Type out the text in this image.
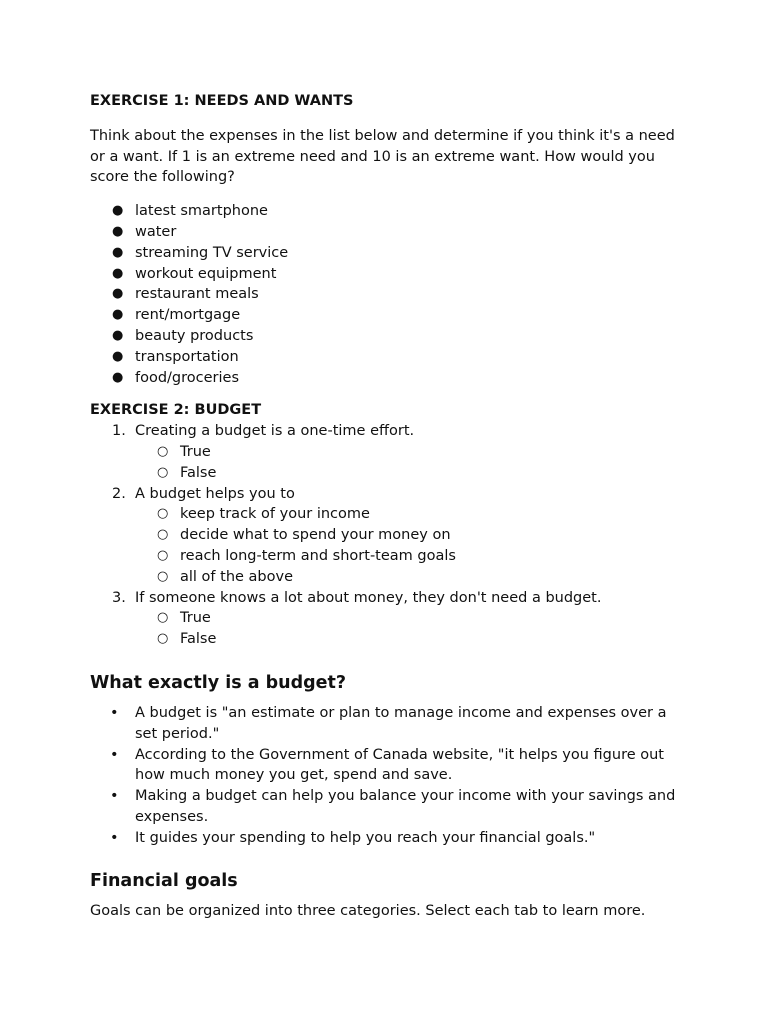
EXERCISE 1: NEEDS AND WANTS

Think about the expenses in the list below and determine if you think it's a need or a want. If 1 is an extreme need and 10 is an extreme want. How would you score the following?

● latest smartphone
● water
● streaming TV service
● workout equipment
● restaurant meals
● rent/mortgage
● beauty products
● transportation
● food/groceries

EXERCISE 2: BUDGET

1. Creating a budget is a one-time effort.
○ True
○ False
2. A budget helps you to
○ keep track of your income
○ decide what to spend your money on
○ reach long-term and short-team goals
○ all of the above
3. If someone knows a lot about money, they don't need a budget.
○ True
○ False
What exactly is a budget?
• A budget is "an estimate or plan to manage income and expenses over a set period."
• According to the Government of Canada website, "it helps you figure out how much money you get, spend and save.
• Making a budget can help you balance your income with your savings and expenses.
• It guides your spending to help you reach your financial goals."
Financial goals

Goals can be organized into three categories. Select each tab to learn more.
